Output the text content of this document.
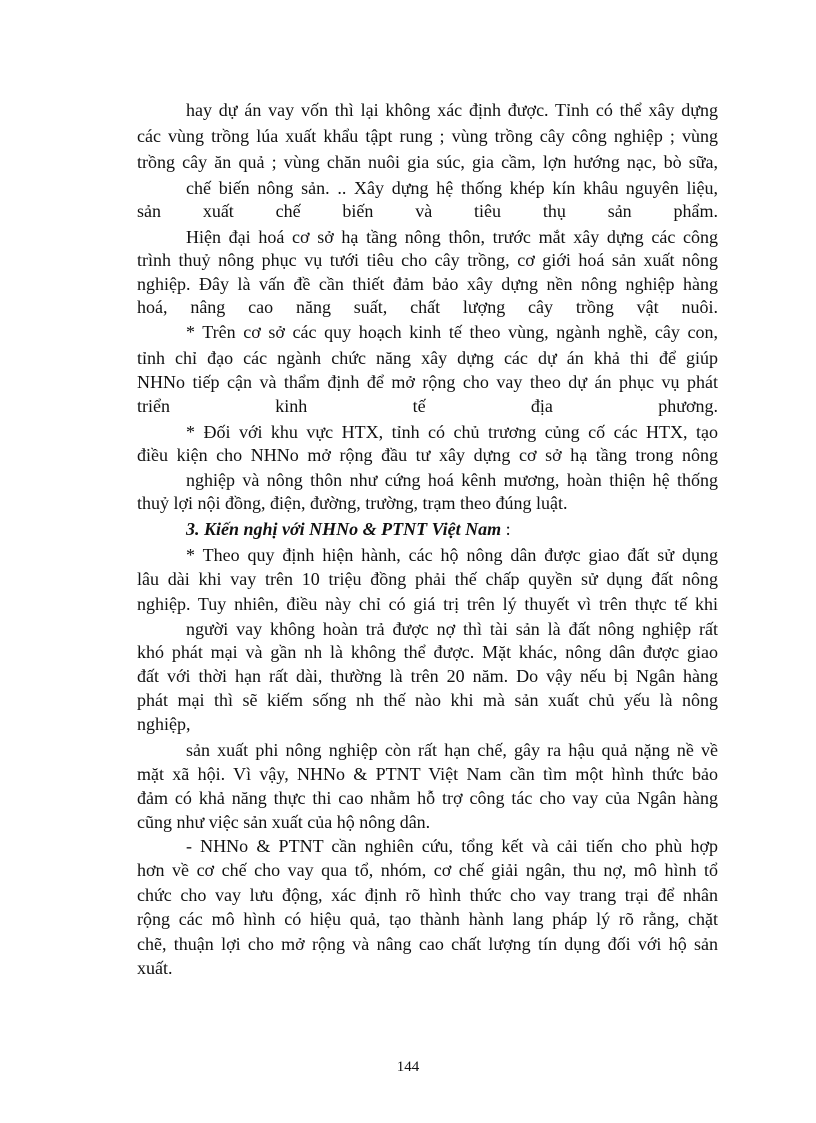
hay dự án vay vốn thì lại không xác định được. Tỉnh có thể xây dựng

các vùng trồng lúa xuất khẩu tậpt rung ; vùng trồng cây công nghiệp ; vùng

trồng cây ăn quả ; vùng chăn nuôi gia súc, gia cầm, lợn hướng nạc, bò sữa,

chế biến nông sản. .. Xây dựng hệ thống khép kín khâu nguyên liệu,

sản xuất chế biến và tiêu thụ sản phẩm.

Hiện đại hoá cơ sở hạ tầng nông thôn, trước mắt xây dựng các công

trình thuỷ nông phục vụ tưới tiêu cho cây trồng, cơ giới hoá sản xuất nông

nghiệp. Đây là vấn đề cần thiết đảm bảo xây dựng nền nông nghiệp hàng

hoá, nâng cao năng suất, chất lượng cây trồng vật nuôi.

* Trên cơ sở các quy hoạch kinh tế theo vùng, ngành nghề, cây con,

tỉnh chỉ đạo các ngành chức năng xây dựng các dự án khả thi để giúp

NHNo tiếp cận và thẩm định để mở rộng cho vay theo dự án phục vụ phát

triển kinh tế địa phương.

* Đối với khu vực HTX, tỉnh có chủ trương củng cố các HTX, tạo

điều kiện cho NHNo mở rộng đầu tư xây dựng cơ sở hạ tầng trong nông

nghiệp và nông thôn như cứng hoá kênh mương, hoàn thiện hệ thống

thuỷ lợi nội đồng, điện, đường, trường, trạm theo đúng luật.

3. Kiến nghị với NHNo & PTNT Việt Nam :

* Theo quy định hiện hành, các hộ nông dân được giao đất sử dụng

lâu dài khi vay trên 10 triệu đồng phải thế chấp quyền sử dụng đất nông

nghiệp. Tuy nhiên, điều này chỉ có giá trị trên lý thuyết vì trên thực tế khi

người vay không hoàn trả được nợ thì tài sản là đất nông nghiệp rất

khó phát mại và gần nh là không thể được. Mặt khác, nông dân được giao

đất với thời hạn rất dài, thường là trên 20 năm. Do vậy nếu bị Ngân hàng

phát mại thì sẽ kiếm sống nh thế nào khi mà sản xuất chủ yếu là nông

nghiệp,

sản xuất phi nông nghiệp còn rất hạn chế, gây ra hậu quả nặng nề về

mặt xã hội. Vì vậy, NHNo & PTNT Việt Nam cần tìm một hình thức bảo

đảm có khả năng thực thi cao nhằm hỗ trợ công tác cho vay của Ngân hàng

cũng như việc sản xuất của hộ nông dân.

- NHNo & PTNT cần nghiên cứu, tổng kết và cải tiến cho phù hợp

hơn về cơ chế cho vay qua tổ, nhóm, cơ chế giải ngân, thu nợ, mô hình tổ

chức cho vay lưu động, xác định rõ hình thức cho vay trang trại để nhân

rộng các mô hình có hiệu quả, tạo thành hành lang pháp lý rõ rằng, chặt

chẽ, thuận lợi cho mở rộng và nâng cao chất lượng tín dụng đối với hộ sản

xuất.

144
